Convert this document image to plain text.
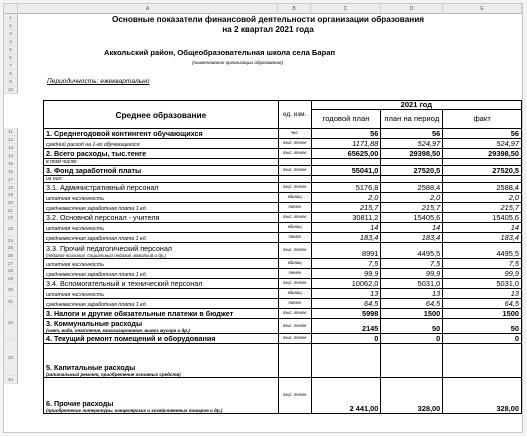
A	B	C	D	E
1
2
3
4
5
6
7
8
9
10
11
12
13
14
15
16
17
18
19
20
21
22
23
24
25
26
27
28
29
30
31
32
33
34
Основные показатели финансовой деятельности организации образования
на 2 квартал 2021 года
Аккольский район, Общеобразовательная школа села Барап
(наименование организации образования)
Периодичность: ежеквартально
Среднее образование	ед. изм.	2021 год		
		годовой план	план на период	факт

1. Среднегодовой контингент обучающихся	чел.	56	56	56
средний расход на 1-го обучающегося	тыс. тенге	1171,88	524,97	524,97
2. Всего расходы, тыс.тенге	тыс. тенге	65625,00	29398,50	29398,50
в том числе:				
3. Фонд заработной платы	тыс. тенге	55041,0	27520,5	27520,5
из них:				
3.1. Административный персонал	тыс. тенге	5176,8	2588,4	2588,4
штатная численность	единиц	2,0	2,0	2,0
среднемесячная заработная плата 1 ед.	тенге	215,7	215,7	215,7
3.2. Основной персонал - учителя	тыс. тенге	30811,2	15405,6	15405,6
штатная численность	единиц	14	14	14
среднемесячная заработная плата 1 ед.	тенге	183,4	183,4	183,4
3.3. Прочий педагогический персонал
(педагог-психолог, социальный педагог, вожатый и др.)	тыс. тенге	8991	4495,5	4495,5
штатная численность	единиц	7,5	7,5	7,5
среднемесячная заработная плата 1 ед.	тенге	99,9	99,9	99,9
3.4. Вспомогательный и технический персонал	тыс. тенге	10062,0	5031,0	5031,0
штатная численность	единиц	13	13	13
среднемесячная заработная плата 1 ед.	тенге	64,5	64,5	64,5
3. Налоги и другие обязательные платежи в бюджет	тыс. тенге	5998	1500	1500
3. Коммунальные расходы
(свет, вода, отопление, канализирование, вывоз мусора и др.)	тыс. тенге	2145	50	50
4. Текущий ремонт помещений и оборудования	тыс. тенге	0	0	0
5. Капитальные расходы
(капитальный ремонт, приобретение основных средств)				

6. Прочие расходы
(приобретение литературы, канцелярских и хозяйственных товаров и др.)	тыс. тенге	2 441,00	328,00	328,00
